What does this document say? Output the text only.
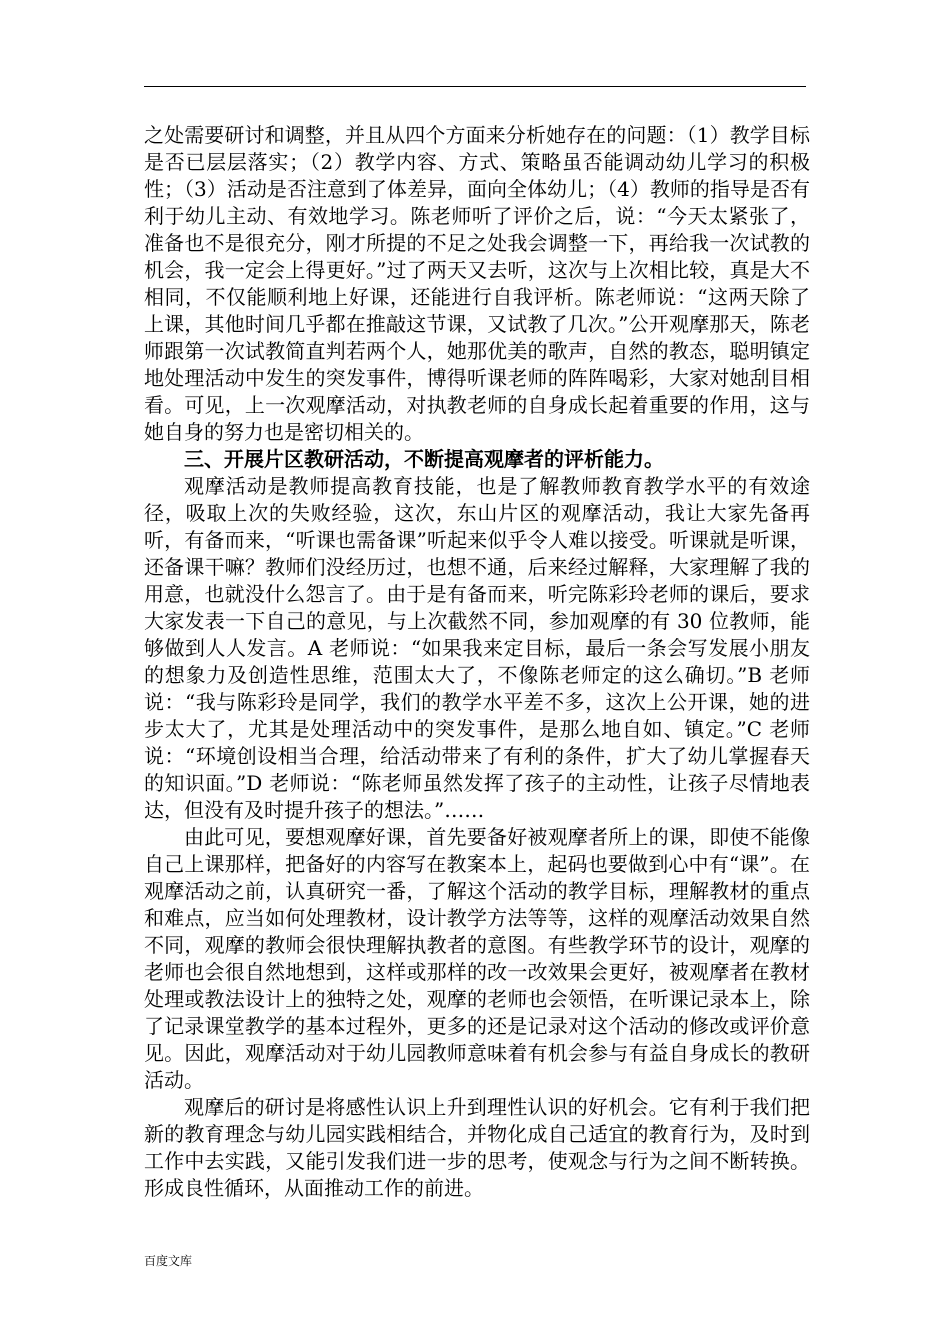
之处需要研讨和调整，并且从四个方面来分析她存在的问题：（1）教学目标是否已层层落实；（2）教学内容、方式、策略虽否能调动幼儿学习的积极性；（3）活动是否注意到了体差异，面向全体幼儿；（4）教师的指导是否有利于幼儿主动、有效地学习。陈老师听了评价之后，说：“今天太紧张了，准备也不是很充分，刚才所提的不足之处我会调整一下，再给我一次试教的机会，我一定会上得更好。”过了两天又去听，这次与上次相比较，真是大不相同，不仅能顺利地上好课，还能进行自我评析。陈老师说：“这两天除了上课，其他时间几乎都在推敲这节课，又试教了几次。”公开观摩那天，陈老师跟第一次试教简直判若两个人，她那优美的歌声，自然的教态，聪明镇定地处理活动中发生的突发事件，博得听课老师的阵阵喝彩，大家对她刮目相看。可见，上一次观摩活动，对执教老师的自身成长起着重要的作用，这与她自身的努力也是密切相关的。

三、开展片区教研活动，不断提高观摩者的评析能力。

观摩活动是教师提高教育技能，也是了解教师教育教学水平的有效途径，吸取上次的失败经验，这次，东山片区的观摩活动，我让大家先备再听，有备而来，“听课也需备课”听起来似乎令人难以接受。听课就是听课，还备课干嘛？教师们没经历过，也想不通，后来经过解释，大家理解了我的用意，也就没什么怨言了。由于是有备而来，听完陈彩玲老师的课后，要求大家发表一下自己的意见，与上次截然不同，参加观摩的有 30 位教师，能够做到人人发言。A 老师说：“如果我来定目标，最后一条会写发展小朋友的想象力及创造性思维，范围太大了，不像陈老师定的这么确切。”B 老师说：“我与陈彩玲是同学，我们的教学水平差不多，这次上公开课，她的进步太大了，尤其是处理活动中的突发事件，是那么地自如、镇定。”C 老师说：“环境创设相当合理，给活动带来了有利的条件，扩大了幼儿掌握春天的知识面。”D 老师说：“陈老师虽然发挥了孩子的主动性，让孩子尽情地表达，但没有及时提升孩子的想法。”……

由此可见，要想观摩好课，首先要备好被观摩者所上的课，即使不能像自己上课那样，把备好的内容写在教案本上，起码也要做到心中有“课”。在观摩活动之前，认真研究一番，了解这个活动的教学目标，理解教材的重点和难点，应当如何处理教材，设计教学方法等等，这样的观摩活动效果自然不同，观摩的教师会很快理解执教者的意图。有些教学环节的设计，观摩的老师也会很自然地想到，这样或那样的改一改效果会更好，被观摩者在教材处理或教法设计上的独特之处，观摩的老师也会领悟，在听课记录本上，除了记录课堂教学的基本过程外，更多的还是记录对这个活动的修改或评价意见。因此，观摩活动对于幼儿园教师意味着有机会参与有益自身成长的教研活动。

观摩后的研讨是将感性认识上升到理性认识的好机会。它有利于我们把新的教育理念与幼儿园实践相结合，并物化成自己适宜的教育行为，及时到工作中去实践，又能引发我们进一步的思考，使观念与行为之间不断转换。形成良性循环，从面推动工作的前进。

百度文库
